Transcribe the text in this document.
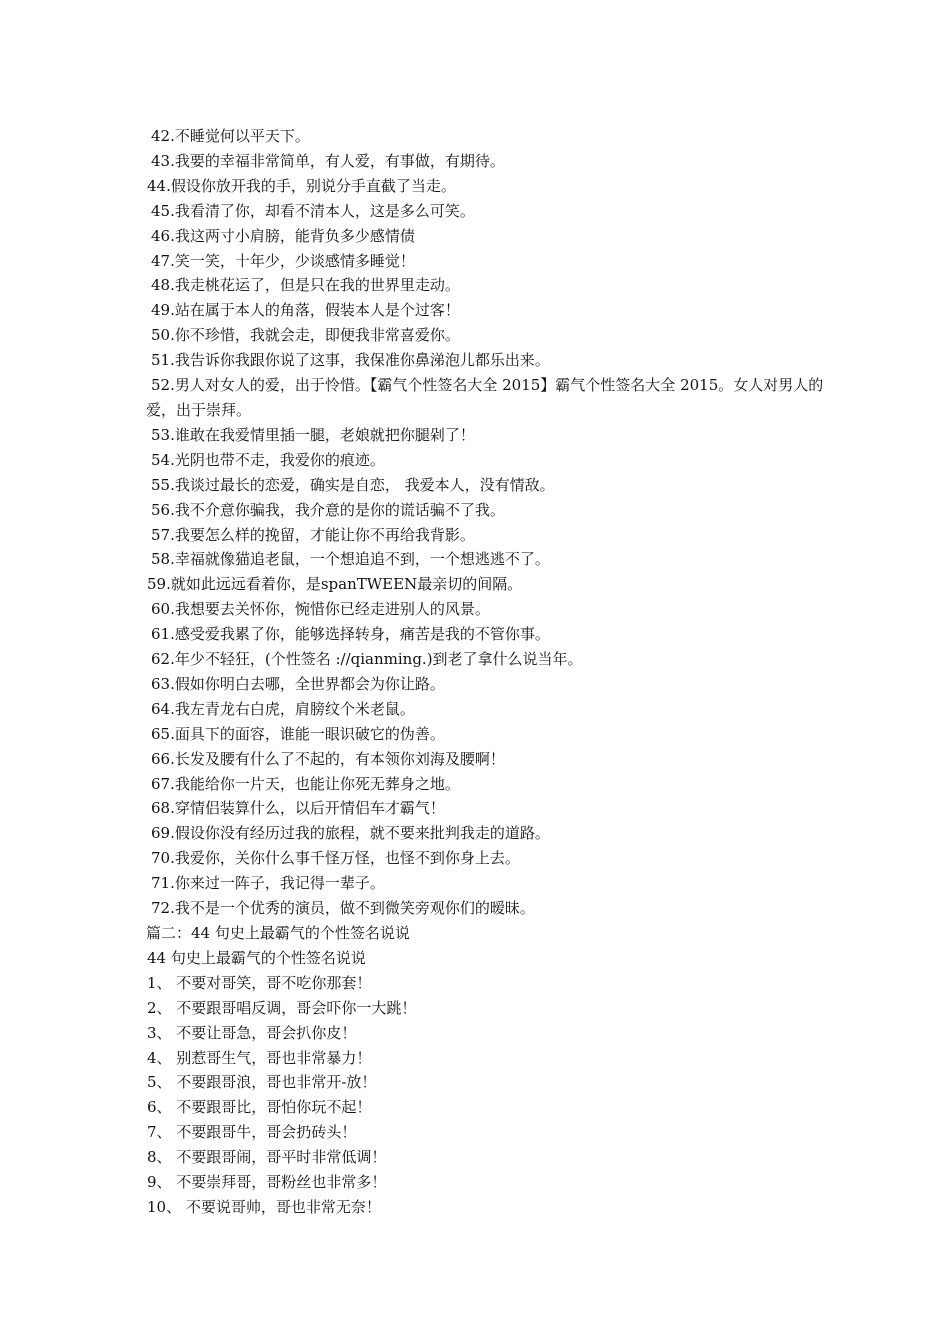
42.不睡觉何以平天下。

43.我要的幸福非常简单，有人爱，有事做，有期待。

44.假设你放开我的手，别说分手直截了当走。

45.我看清了你，却看不清本人，这是多么可笑。

46.我这两寸小肩膀，能背负多少感情债

47.笑一笑，十年少，少谈感情多睡觉！

48.我走桃花运了，但是只在我的世界里走动。

49.站在属于本人的角落，假装本人是个过客！

50.你不珍惜，我就会走，即便我非常喜爱你。

51.我告诉你我跟你说了这事，我保准你鼻涕泡儿都乐出来。

52.男人对女人的爱，出于怜惜。【霸气个性签名大全 2015】霸气个性签名大全 2015。女人对男人的爱，出于崇拜。

53.谁敢在我爱情里插一腿，老娘就把你腿剁了！

54.光阴也带不走，我爱你的痕迹。

55.我谈过最长的恋爱，确实是自恋， 我爱本人，没有情敌。

56.我不介意你骗我，我介意的是你的谎话骗不了我。

57.我要怎么样的挽留，才能让你不再给我背影。

58.幸福就像猫追老鼠，一个想追追不到，一个想逃逃不了。

59.就如此远远看着你，是spanTWEEN最亲切的间隔。

60.我想要去关怀你，惋惜你已经走进别人的风景。

61.感受爱我累了你，能够选择转身，痛苦是我的不管你事。

62.年少不轻狂，(个性签名 ://qianming.)到老了拿什么说当年。

63.假如你明白去哪，全世界都会为你让路。

64.我左青龙右白虎，肩膀纹个米老鼠。

65.面具下的面容，谁能一眼识破它的伪善。

66.长发及腰有什么了不起的，有本领你刘海及腰啊！

67.我能给你一片天，也能让你死无葬身之地。

68.穿情侣装算什么，以后开情侣车才霸气！

69.假设你没有经历过我的旅程，就不要来批判我走的道路。

70.我爱你，关你什么事千怪万怪，也怪不到你身上去。

71.你来过一阵子，我记得一辈子。

72.我不是一个优秀的演员，做不到微笑旁观你们的暧昧。

篇二：44 句史上最霸气的个性签名说说

44 句史上最霸气的个性签名说说

1、 不要对哥笑，哥不吃你那套！

2、 不要跟哥唱反调，哥会吓你一大跳！

3、 不要让哥急，哥会扒你皮！

4、 别惹哥生气，哥也非常暴力！

5、 不要跟哥浪，哥也非常开-放！

6、 不要跟哥比，哥怕你玩不起！

7、 不要跟哥牛，哥会扔砖头！

8、 不要跟哥闹，哥平时非常低调！

9、 不要崇拜哥，哥粉丝也非常多！

10、 不要说哥帅，哥也非常无奈！
